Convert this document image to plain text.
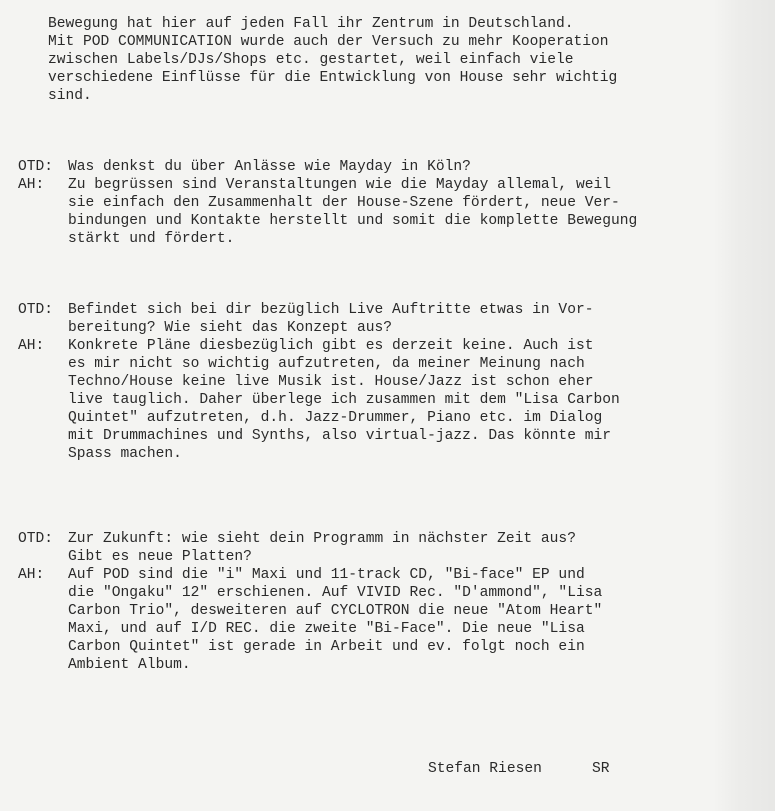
Bewegung hat hier auf jeden Fall ihr Zentrum in Deutschland.
Mit POD COMMUNICATION wurde auch der Versuch zu mehr Kooperation
zwischen Labels/DJs/Shops etc. gestartet, weil einfach viele
verschiedene Einflüsse für die Entwicklung von House sehr wichtig
sind.
OTD:	Was denkst du über Anlässe wie Mayday in Köln?
AH:	Zu begrüssen sind Veranstaltungen wie die Mayday allemal, weil
sie einfach den Zusammenhalt der House-Szene fördert, neue Ver-
bindungen und Kontakte herstellt und somit die komplette Bewegung
stärkt und fördert.
OTD:	Befindet sich bei dir bezüglich Live Auftritte etwas in Vor-
bereitung? Wie sieht das Konzept aus?
AH:	Konkrete Pläne diesbezüglich gibt es derzeit keine. Auch ist
es mir nicht so wichtig aufzutreten, da meiner Meinung nach
Techno/House keine live Musik ist. House/Jazz ist schon eher
live tauglich. Daher überlege ich zusammen mit dem "Lisa Carbon
Quintet" aufzutreten, d.h. Jazz-Drummer, Piano etc. im Dialog
mit Drummachines und Synths, also virtual-jazz. Das könnte mir
Spass machen.
OTD:	Zur Zukunft: wie sieht dein Programm in nächster Zeit aus?
Gibt es neue Platten?
AH:	Auf POD sind die "i" Maxi und 11-track CD, "Bi-face" EP und
die "Ongaku" 12" erschienen. Auf VIVID Rec. "D'ammond", "Lisa
Carbon Trio", desweiteren auf CYCLOTRON die neue "Atom Heart"
Maxi, und auf I/D REC. die zweite "Bi-Face". Die neue "Lisa
Carbon Quintet" ist gerade in Arbeit und ev. folgt noch ein
Ambient Album.
Stefan Riesen	SR
